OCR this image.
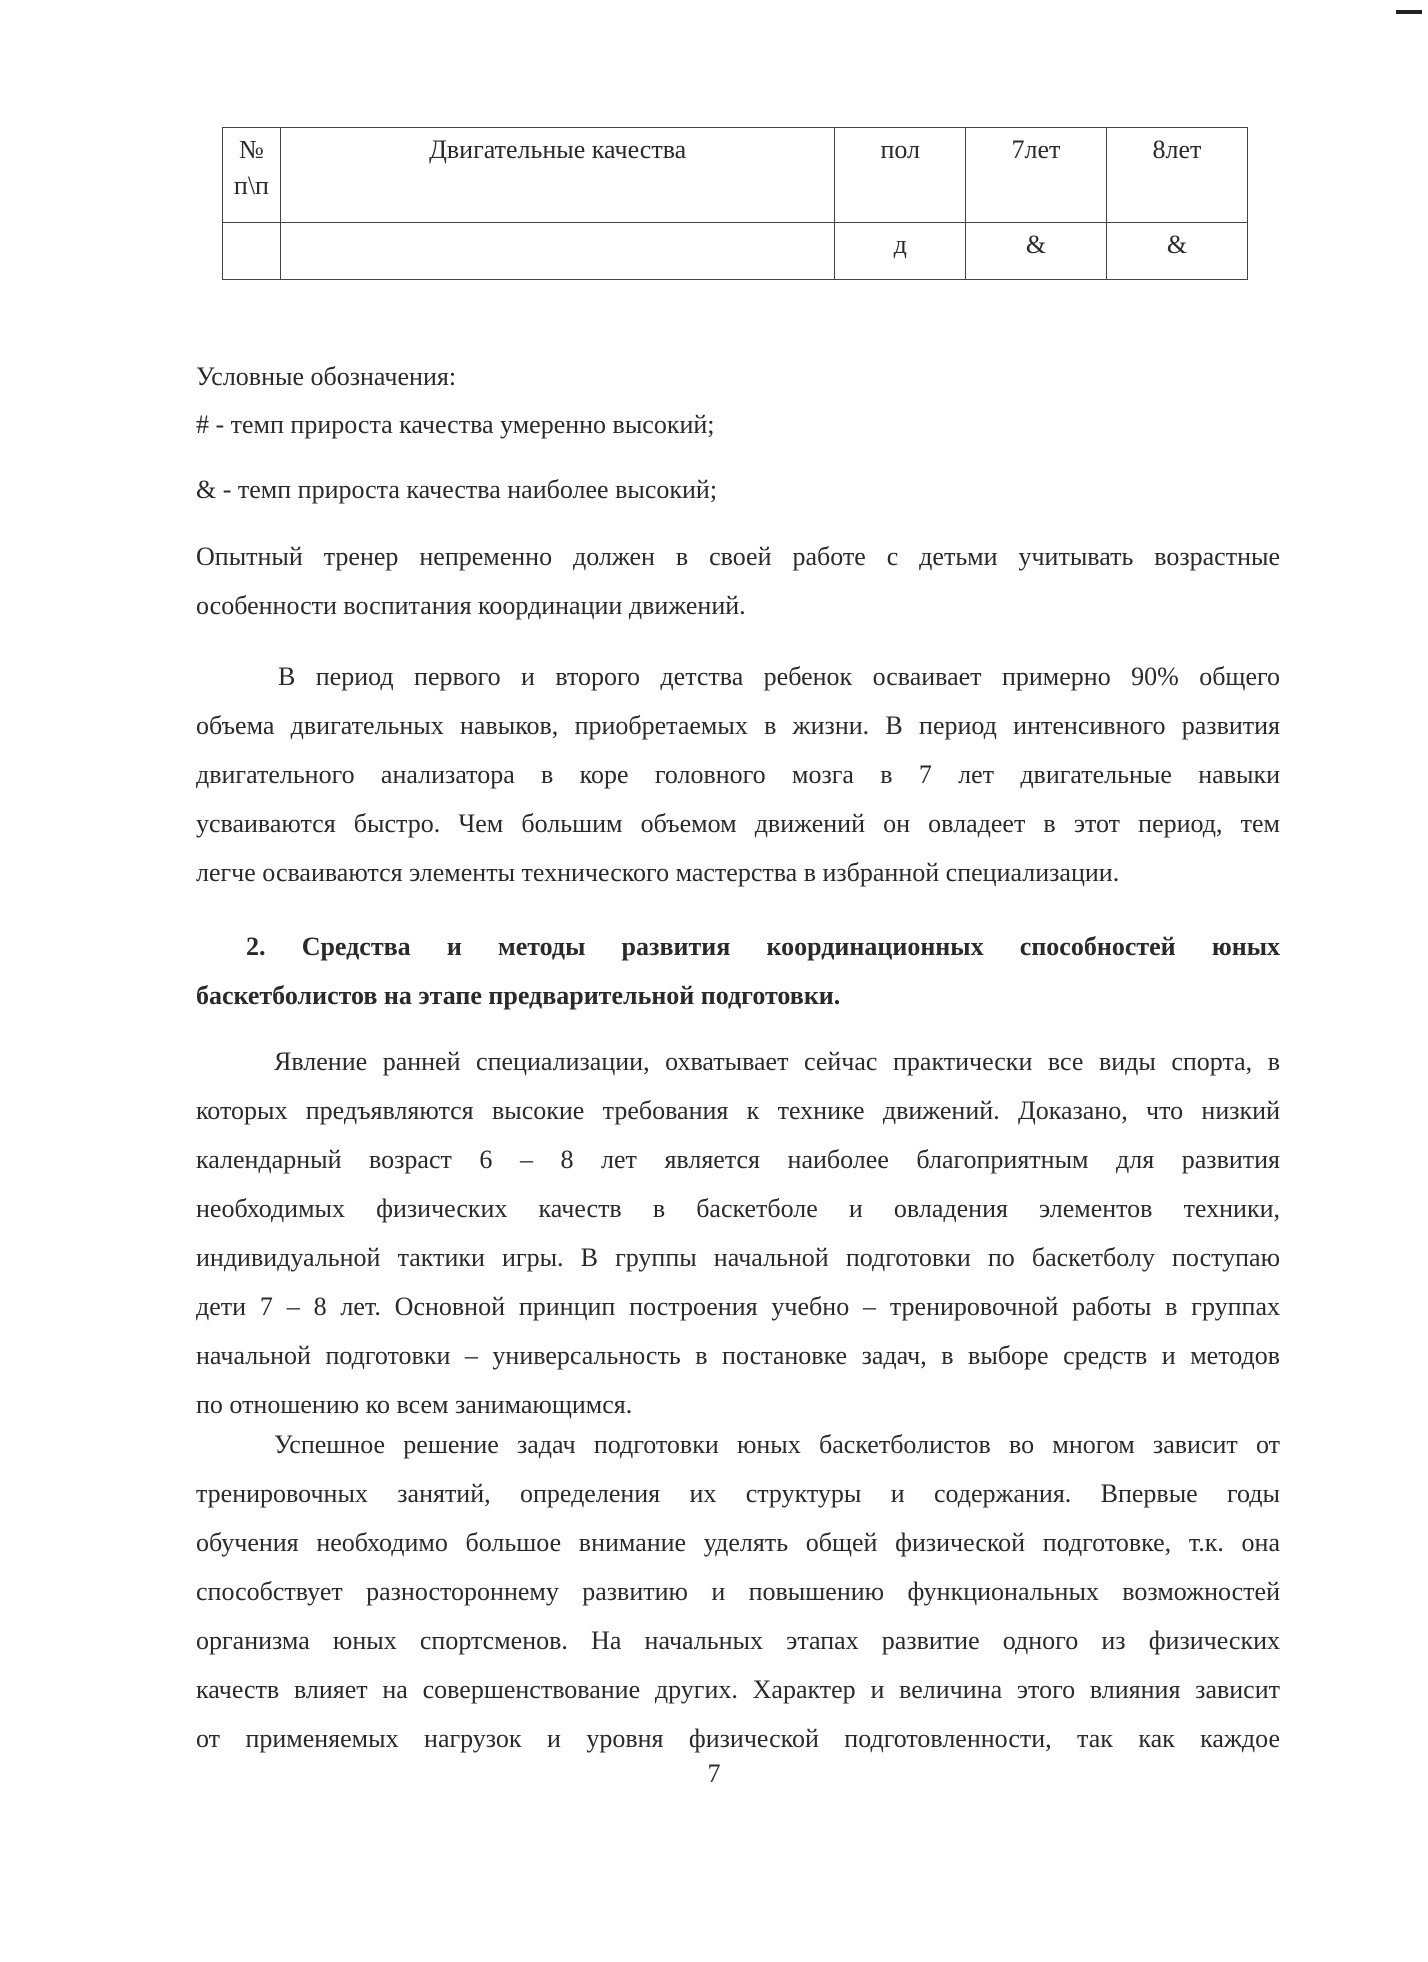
№ п\п	Двигательные качества	пол	7лет	8лет
		д	&	&

Условные обозначения:

# - темп прироста качества умеренно высокий;

& - темп прироста качества наиболее высокий;

Опытный тренер непременно должен в своей работе с детьми учитывать возрастные
особенности воспитания координации движений.

В период первого и второго детства ребенок осваивает примерно 90% общего
объема двигательных навыков, приобретаемых в жизни. В период интенсивного развития
двигательного анализатора в коре головного мозга в 7 лет двигательные навыки
усваиваются быстро. Чем большим объемом движений он овладеет в этот период, тем
легче осваиваются элементы технического мастерства в избранной специализации.

2. Средства и методы развития координационных способностей юных
баскетболистов на этапе предварительной подготовки.

Явление ранней специализации, охватывает сейчас практически все виды спорта, в
которых предъявляются высокие требования к технике движений. Доказано, что низкий
календарный возраст 6 – 8 лет является наиболее благоприятным для развития
необходимых физических качеств в баскетболе и овладения элементов техники,
индивидуальной тактики игры. В группы начальной подготовки по баскетболу поступаю
дети 7 – 8 лет. Основной принцип построения учебно – тренировочной работы в группах
начальной подготовки – универсальность в постановке задач, в выборе средств и методов
по отношению ко всем занимающимся.

Успешное решение задач подготовки юных баскетболистов во многом зависит от
тренировочных занятий, определения их структуры и содержания. Впервые годы
обучения необходимо большое внимание уделять общей физической подготовке, т.к. она
способствует разностороннему развитию и повышению функциональных возможностей
организма юных спортсменов. На начальных этапах развитие одного из физических
качеств влияет на совершенствование других. Характер и величина этого влияния зависит
от применяемых нагрузок и уровня физической подготовленности, так как каждое

7
